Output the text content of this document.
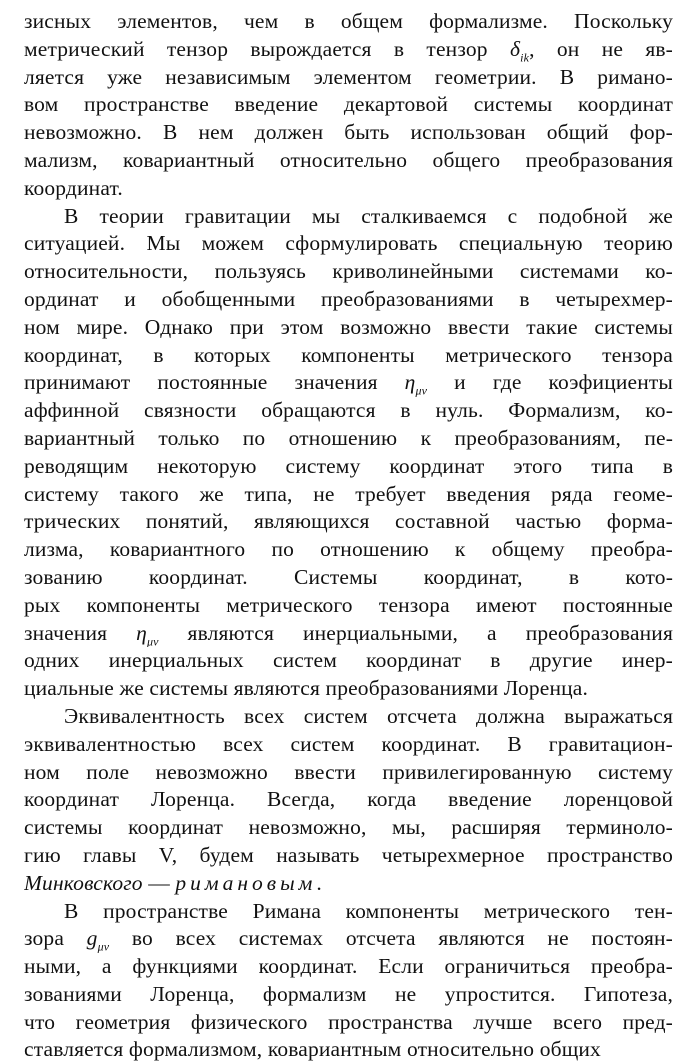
зисных элементов, чем в общем формализме. Поскольку
метрический тензор вырождается в тензор $\delta_{ik}$, он не яв-
ляется уже независимым элементом геометрии. В римано-
вом пространстве введение декартовой системы координат
невозможно. В нем должен быть использован общий фор-
мализм, ковариантный относительно общего преобразования
координат.
В теории гравитации мы сталкиваемся с подобной же
ситуацией. Мы можем сформулировать специальную теорию
относительности, пользуясь криволинейными системами ко-
ординат и обобщенными преобразованиями в четырехмер-
ном мире. Однако при этом возможно ввести такие системы
координат, в которых компоненты метрического тензора
принимают постоянные значения $\eta_{\mu\nu}$ и где коэфициенты
аффинной связности обращаются в нуль. Формализм, ко-
вариантный только по отношению к преобразованиям, пе-
реводящим некоторую систему координат этого типа в
систему такого же типа, не требует введения ряда геоме-
трических понятий, являющихся составной частью форма-
лизма, ковариантного по отношению к общему преобра-
зованию координат. Системы координат, в кото-
рых компоненты метрического тензора имеют постоянные
значения $\eta_{\mu\nu}$ являются инерциальными, а преобразования
одних инерциальных систем координат в другие инер-
циальные же системы являются преобразованиями Лоренца.
Эквивалентность всех систем отсчета должна выражаться
эквивалентностью всех систем координат. В гравитацион-
ном поле невозможно ввести привилегированную систему
координат Лоренца. Всегда, когда введение лоренцовой
системы координат невозможно, мы, расширяя терминоло-
гию главы V, будем называть четырехмерное пространство
Минковского — римановым.
В пространстве Римана компоненты метрического тен-
зора $g_{\mu\nu}$ во всех системах отсчета являются не постоян-
ными, а функциями координат. Если ограничиться преобра-
зованиями Лоренца, формализм не упростится. Гипотеза,
что геометрия физического пространства лучше всего пред-
ставляется формализмом, ковариантным относительно общих
